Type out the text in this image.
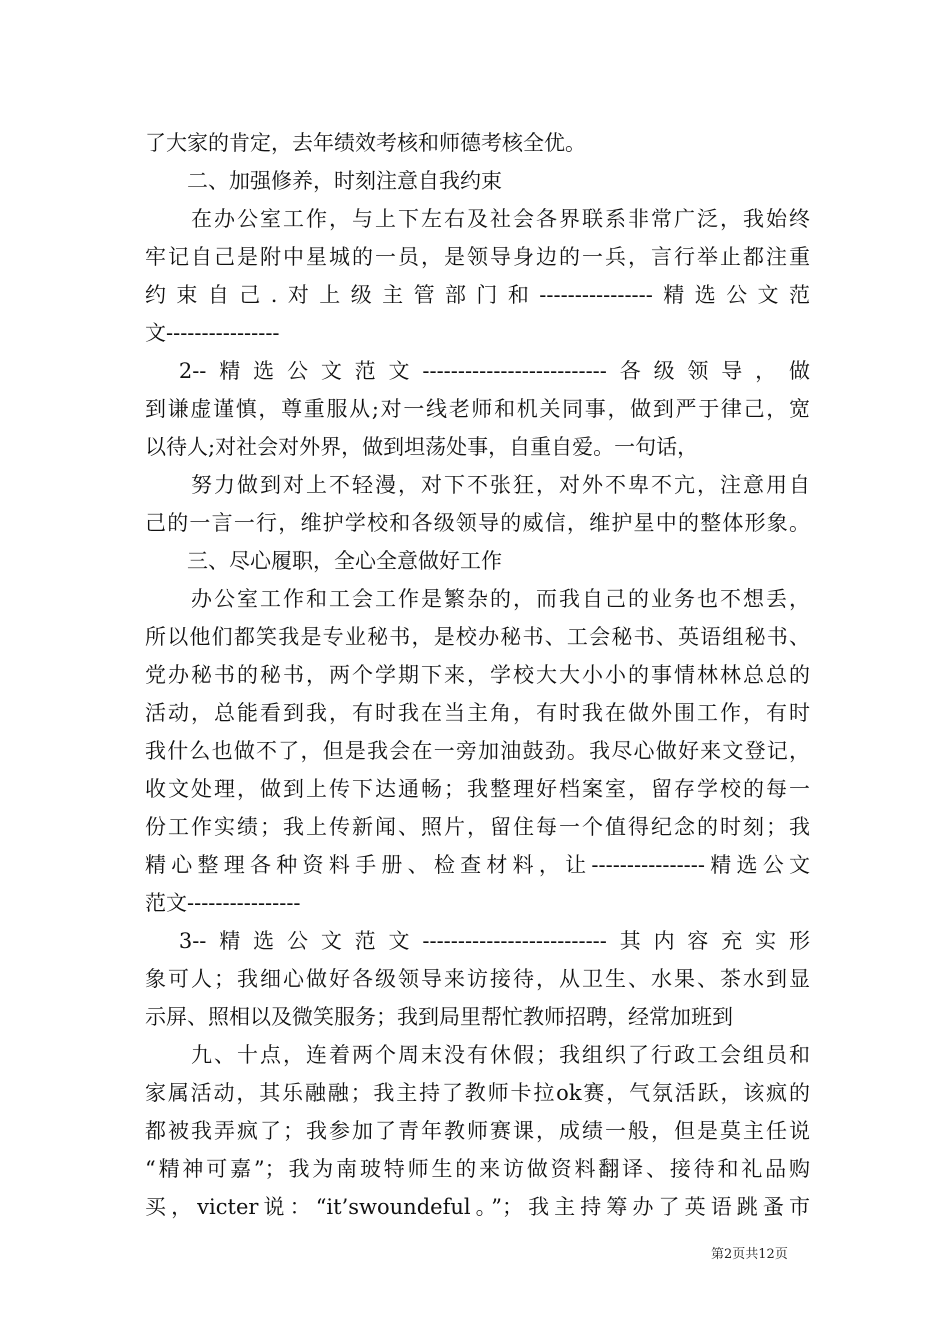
了大家的肯定，去年绩效考核和师德考核全优。
　　二、加强修养，时刻注意自我约束
　　在办公室工作，与上下左右及社会各界联系非常广泛，我始终
牢记自己是附中星城的一员，是领导身边的一兵，言行举止都注重
约束自己.对上级主管部门和----------------精选公文范
文----------------
　2--精选公文范文--------------------------各级领导，做
到谦虚谨慎，尊重服从;对一线老师和机关同事，做到严于律己，宽
以待人;对社会对外界，做到坦荡处事，自重自爱。一句话，
　　努力做到对上不轻漫，对下不张狂，对外不卑不亢，注意用自
己的一言一行，维护学校和各级领导的威信，维护星中的整体形象。
　　三、尽心履职，全心全意做好工作
　　办公室工作和工会工作是繁杂的，而我自己的业务也不想丢，
所以他们都笑我是专业秘书，是校办秘书、工会秘书、英语组秘书、
党办秘书的秘书，两个学期下来，学校大大小小的事情林林总总的
活动，总能看到我，有时我在当主角，有时我在做外围工作，有时
我什么也做不了，但是我会在一旁加油鼓劲。我尽心做好来文登记，
收文处理，做到上传下达通畅；我整理好档案室，留存学校的每一
份工作实绩；我上传新闻、照片，留住每一个值得纪念的时刻；我
精心整理各种资料手册、检查材料，让----------------精选公文
范文----------------
　3--精选公文范文--------------------------其内容充实形
象可人；我细心做好各级领导来访接待，从卫生、水果、茶水到显
示屏、照相以及微笑服务；我到局里帮忙教师招聘，经常加班到
　　九、十点，连着两个周末没有休假；我组织了行政工会组员和
家属活动，其乐融融；我主持了教师卡拉ok赛，气氛活跃，该疯的
都被我弄疯了；我参加了青年教师赛课，成绩一般，但是莫主任说
“精神可嘉”；我为南玻特师生的来访做资料翻译、接待和礼品购
买，victer说：“it’swoundeful。”；我主持筹办了英语跳蚤市
第2页共12页
